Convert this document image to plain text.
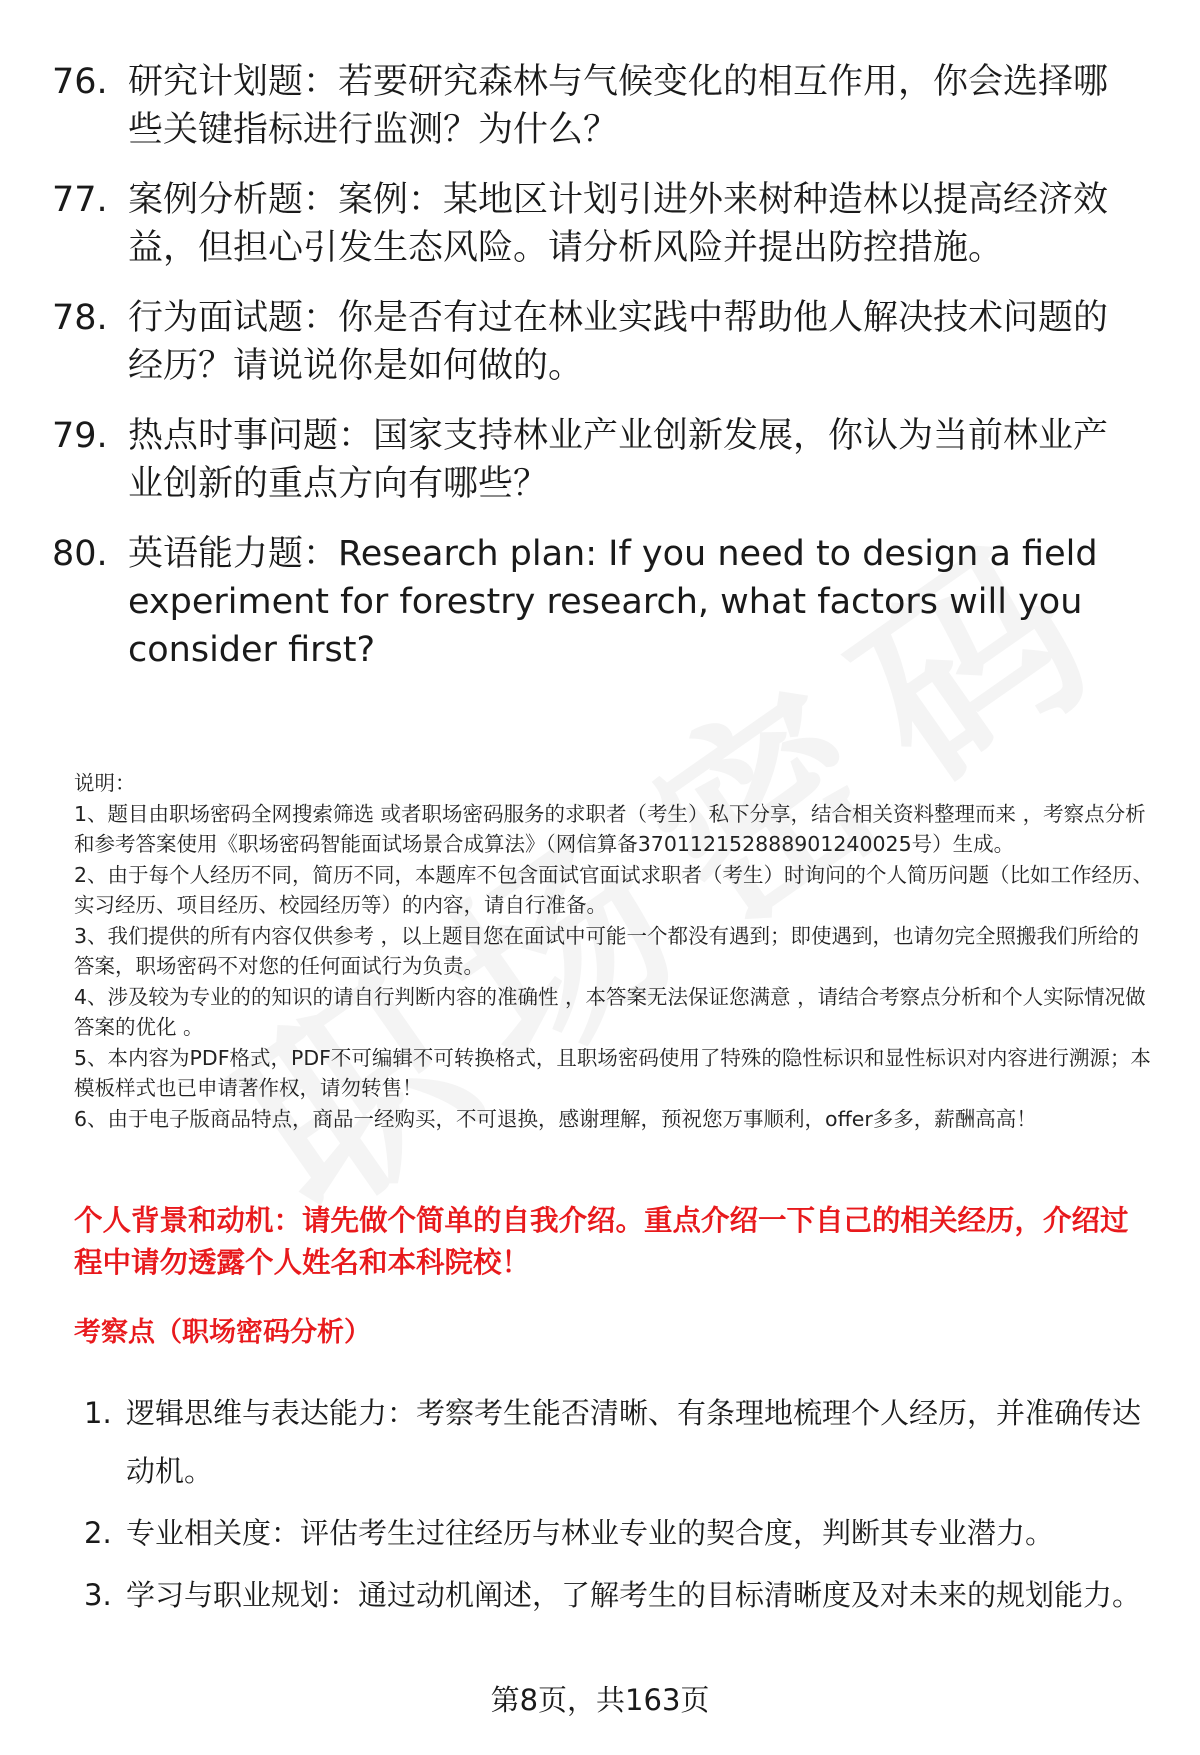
76. 研究计划题：若要研究森林与气候变化的相互作用，你会选择哪些关键指标进行监测？为什么？
77. 案例分析题：案例：某地区计划引进外来树种造林以提高经济效益，但担心引发生态风险。请分析风险并提出防控措施。
78. 行为面试题：你是否有过在林业实践中帮助他人解决技术问题的经历？请说说你是如何做的。
79. 热点时事问题：国家支持林业产业创新发展，你认为当前林业产业创新的重点方向有哪些？
80. 英语能力题：Research plan: If you need to design a field experiment for forestry research, what factors will you consider first?

说明：

1、题目由职场密码全网搜索筛选 或者职场密码服务的求职者（考生）私下分享，结合相关资料整理而来 ，考察点分析和参考答案使用《职场密码智能面试场景合成算法》（网信算备370112152888901240025号）生成。

2、由于每个人经历不同，简历不同，本题库不包含面试官面试求职者（考生）时询问的个人简历问题（比如工作经历、实习经历、项目经历、校园经历等）的内容，请自行准备。

3、我们提供的所有内容仅供参考 ，以上题目您在面试中可能一个都没有遇到；即使遇到，也请勿完全照搬我们所给的答案，职场密码不对您的任何面试行为负责。

4、涉及较为专业的的知识的请自行判断内容的准确性 ，本答案无法保证您满意 ，请结合考察点分析和个人实际情况做答案的优化 。

5、本内容为PDF格式，PDF不可编辑不可转换格式，且职场密码使用了特殊的隐性标识和显性标识对内容进行溯源；本模板样式也已申请著作权，请勿转售！

6、由于电子版商品特点，商品一经购买，不可退换，感谢理解，预祝您万事顺利，offer多多，薪酬高高！

个人背景和动机：请先做个简单的自我介绍。重点介绍一下自己的相关经历，介绍过程中请勿透露个人姓名和本科院校！
考察点（职场密码分析）
1. 逻辑思维与表达能力：考察考生能否清晰、有条理地梳理个人经历，并准确传达动机。
2. 专业相关度：评估考生过往经历与林业专业的契合度，判断其专业潜力。
3. 学习与职业规划：通过动机阐述，了解考生的目标清晰度及对未来的规划能力。
第8页，共163页
